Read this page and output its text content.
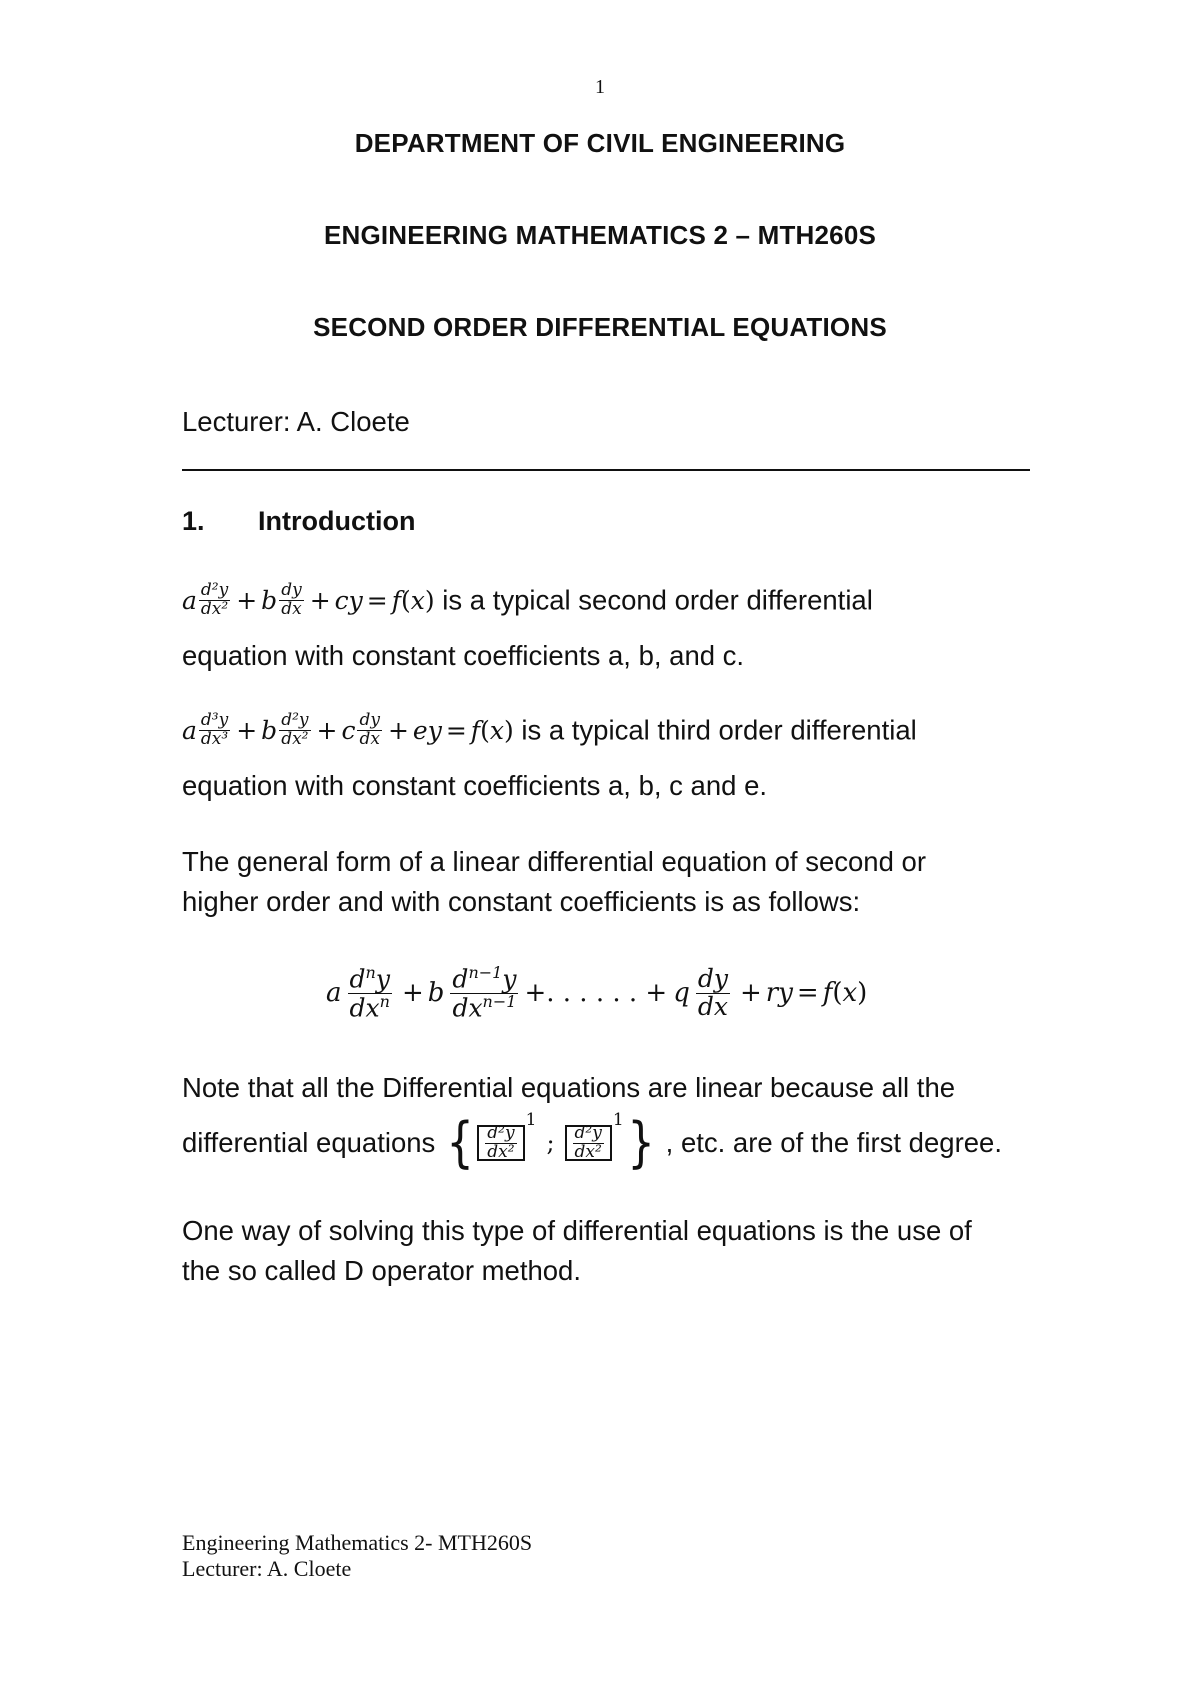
1
DEPARTMENT OF CIVIL ENGINEERING
ENGINEERING MATHEMATICS 2 – MTH260S
SECOND ORDER DIFFERENTIAL EQUATIONS
Lecturer: A. Cloete
1. Introduction
a $\frac{\text{d²y}}{\text{dx²}} + b \frac{dy}{dx}$ + cy = f ( x ) is a typical second order differential
equation with constant coefficients a, b, and c.
a $\frac{\text{d³y}}{\text{dx³}} + b \frac{\text{d²y}}{\text{dx²}} + c \frac{dy}{dx}$ + ey = f ( x ) is a typical third order differential
equation with constant coefficients a, b, c and e.
The general form of a linear differential equation of second or
higher order and with constant coefficients is as follows:
a $\frac{d^ny}{dx^n} + b \frac{d^{n-1}y}{dx^{n-1}}$ +. . . . . . + q $\frac{dy}{dx}$ + ry = f ( x )
Note that all the Differential equations are linear because all the
differential equations { $\frac{\text{d²y}}{\text{dx²}}$
1
; $\frac{\text{d²y}}{\text{dx²}}$
1 } , etc. are of the first degree.
One way of solving this type of differential equations is the use of
the so called D operator method.
Engineering Mathematics 2- MTH260S
Lecturer: A. Cloete
